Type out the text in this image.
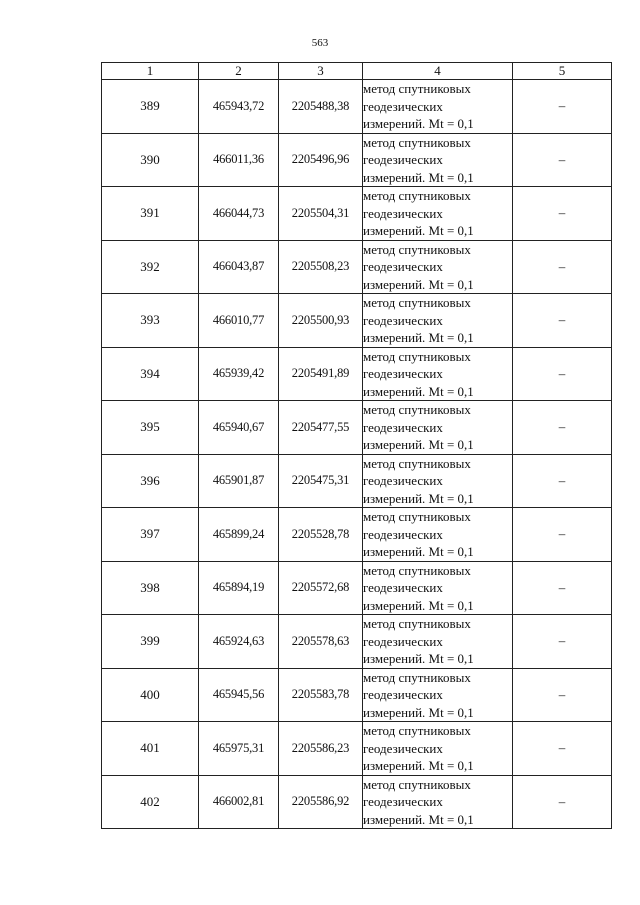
563
1	2	3	4	5
389	465943,72	2205488,38	метод спутниковых
геодезических
измерений. Mt = 0,1	–
390	466011,36	2205496,96	метод спутниковых
геодезических
измерений. Mt = 0,1	–
391	466044,73	2205504,31	метод спутниковых
геодезических
измерений. Mt = 0,1	–
392	466043,87	2205508,23	метод спутниковых
геодезических
измерений. Mt = 0,1	–
393	466010,77	2205500,93	метод спутниковых
геодезических
измерений. Mt = 0,1	–
394	465939,42	2205491,89	метод спутниковых
геодезических
измерений. Mt = 0,1	–
395	465940,67	2205477,55	метод спутниковых
геодезических
измерений. Mt = 0,1	–
396	465901,87	2205475,31	метод спутниковых
геодезических
измерений. Mt = 0,1	–
397	465899,24	2205528,78	метод спутниковых
геодезических
измерений. Mt = 0,1	–
398	465894,19	2205572,68	метод спутниковых
геодезических
измерений. Mt = 0,1	–
399	465924,63	2205578,63	метод спутниковых
геодезических
измерений. Mt = 0,1	–
400	465945,56	2205583,78	метод спутниковых
геодезических
измерений. Mt = 0,1	–
401	465975,31	2205586,23	метод спутниковых
геодезических
измерений. Mt = 0,1	–
402	466002,81	2205586,92	метод спутниковых
геодезических
измерений. Mt = 0,1	–
